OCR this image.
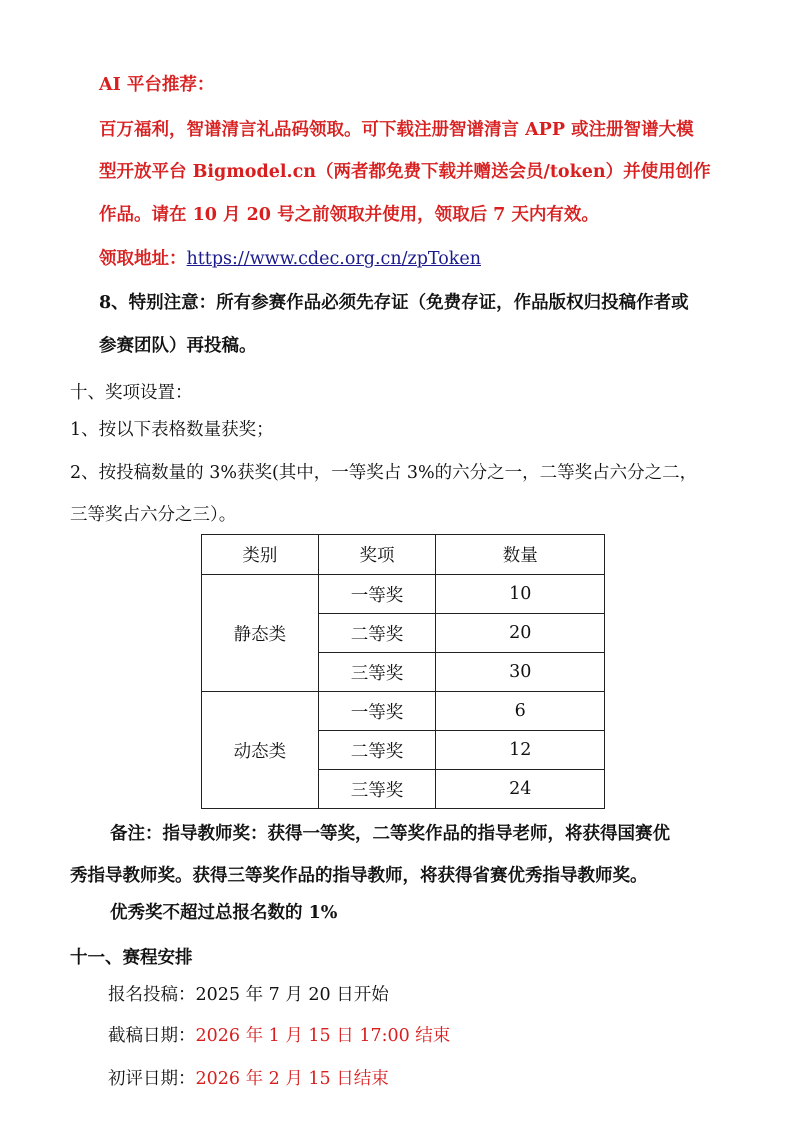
AI 平台推荐：
百万福利，智谱清言礼品码领取。可下载注册智谱清言 APP 或注册智谱大模
型开放平台 Bigmodel.cn（两者都免费下载并赠送会员/token）并使用创作
作品。请在 10 月 20 号之前领取并使用，领取后 7 天内有效。
领取地址：https://www.cdec.org.cn/zpToken
8、特别注意：所有参赛作品必须先存证（免费存证，作品版权归投稿作者或
参赛团队）再投稿。
十、奖项设置：
1、按以下表格数量获奖；
2、按投稿数量的 3%获奖(其中，一等奖占 3%的六分之一，二等奖占六分之二，
三等奖占六分之三）。
类别	奖项	数量
静态类	一等奖	10
	二等奖	20
	三等奖	30
动态类	一等奖	6
	二等奖	12
	三等奖	24
备注：指导教师奖：获得一等奖，二等奖作品的指导老师，将获得国赛优
秀指导教师奖。获得三等奖作品的指导教师，将获得省赛优秀指导教师奖。
优秀奖不超过总报名数的 1%
十一、赛程安排
报名投稿：2025 年 7 月 20 日开始
截稿日期：2026 年 1 月 15 日 17:00 结束
初评日期：2026 年 2 月 15 日结束
